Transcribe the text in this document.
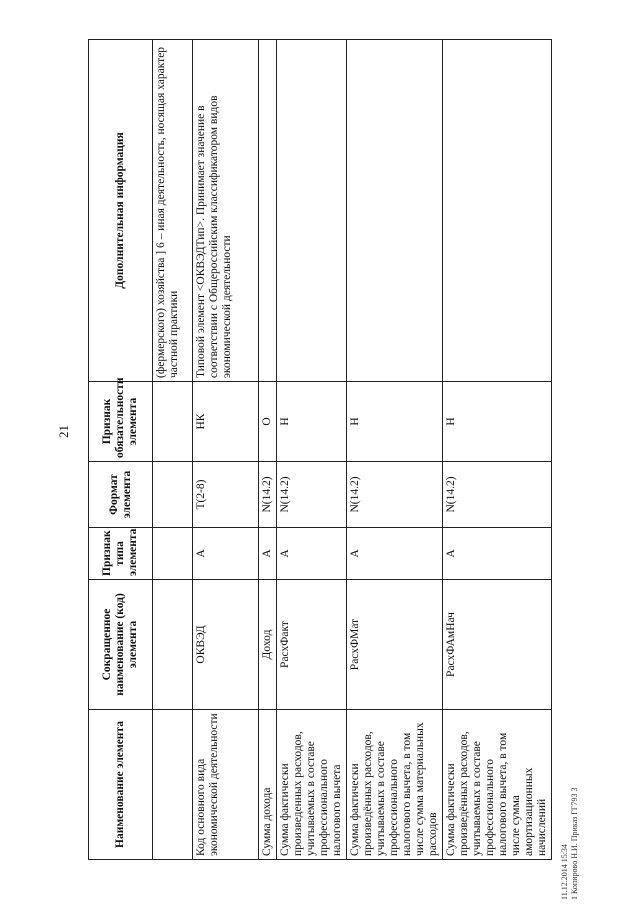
21
Наименование элемента	Сокращенное наименование (код) элемента	Признак типа элемента	Формат элемента	Признак обязательности элемента	Дополнительная информация
					(фермерского) хозяйства ] 6 – иная деятельность, носящая характер частной практики
Код основного вида экономической деятельности	ОКВЭД	А	Т(2-8)	НК	Типовой элемент <ОКВЭДТип>. Принимает значение в соответствии с Общероссийским классификатором видов экономической деятельности
Сумма дохода	Доход	А	N(14.2)	О	
Сумма фактически произведенных расходов, учитываемых в составе профессионального налогового вычета	РасхФакт	А	N(14.2)	Н	
Сумма фактически произведённых расходов, учитываемых в составе профессионального налогового вычета, в том числе сумма материальных расходов	РасхФМат	А	N(14.2)	Н	
Сумма фактически произведённых расходов, учитываемых в составе профессионального налогового вычета, в том числе сумма амортизационных начислений	РасхФАмНач	А	N(14.2)	Н	
11.12.2014 15:34 1 Копирово Н.И. Приказ ГГ793 3
